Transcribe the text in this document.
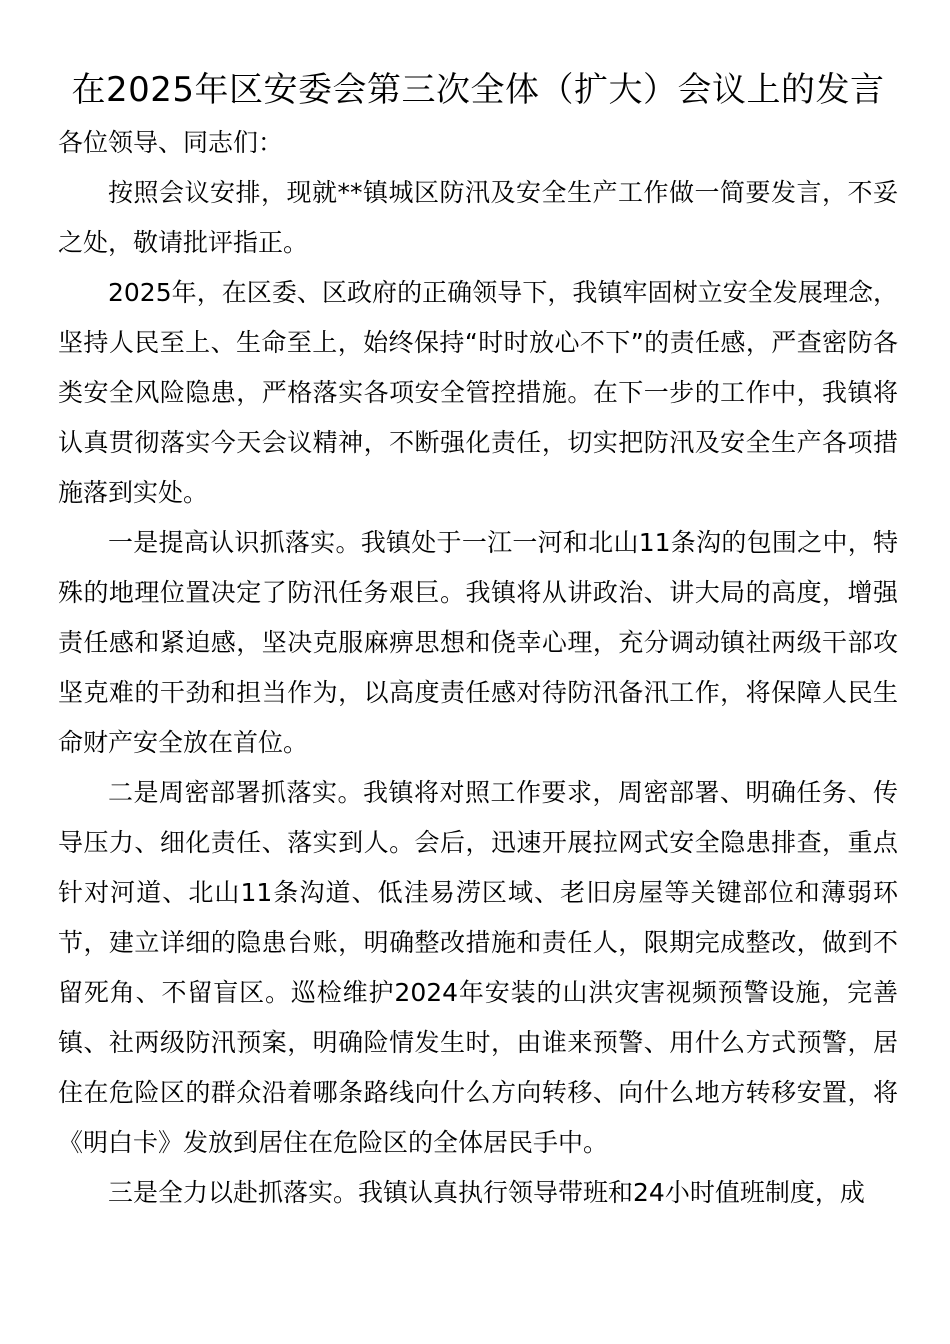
在2025年区安委会第三次全体（扩大）会议上的发言

各位领导、同志们：

按照会议安排，现就**镇城区防汛及安全生产工作做一简要发言，不妥之处，敬请批评指正。

2025年，在区委、区政府的正确领导下，我镇牢固树立安全发展理念，坚持人民至上、生命至上，始终保持“时时放心不下”的责任感，严查密防各类安全风险隐患，严格落实各项安全管控措施。在下一步的工作中，我镇将认真贯彻落实今天会议精神，不断强化责任，切实把防汛及安全生产各项措施落到实处。

一是提高认识抓落实。我镇处于一江一河和北山11条沟的包围之中，特殊的地理位置决定了防汛任务艰巨。我镇将从讲政治、讲大局的高度，增强责任感和紧迫感，坚决克服麻痹思想和侥幸心理，充分调动镇社两级干部攻坚克难的干劲和担当作为，以高度责任感对待防汛备汛工作，将保障人民生命财产安全放在首位。

二是周密部署抓落实。我镇将对照工作要求，周密部署、明确任务、传导压力、细化责任、落实到人。会后，迅速开展拉网式安全隐患排查，重点针对河道、北山11条沟道、低洼易涝区域、老旧房屋等关键部位和薄弱环节，建立详细的隐患台账，明确整改措施和责任人，限期完成整改，做到不留死角、不留盲区。巡检维护2024年安装的山洪灾害视频预警设施，完善镇、社两级防汛预案，明确险情发生时，由谁来预警、用什么方式预警，居住在危险区的群众沿着哪条路线向什么方向转移、向什么地方转移安置，将《明白卡》发放到居住在危险区的全体居民手中。

三是全力以赴抓落实。我镇认真执行领导带班和24小时值班制度，成
